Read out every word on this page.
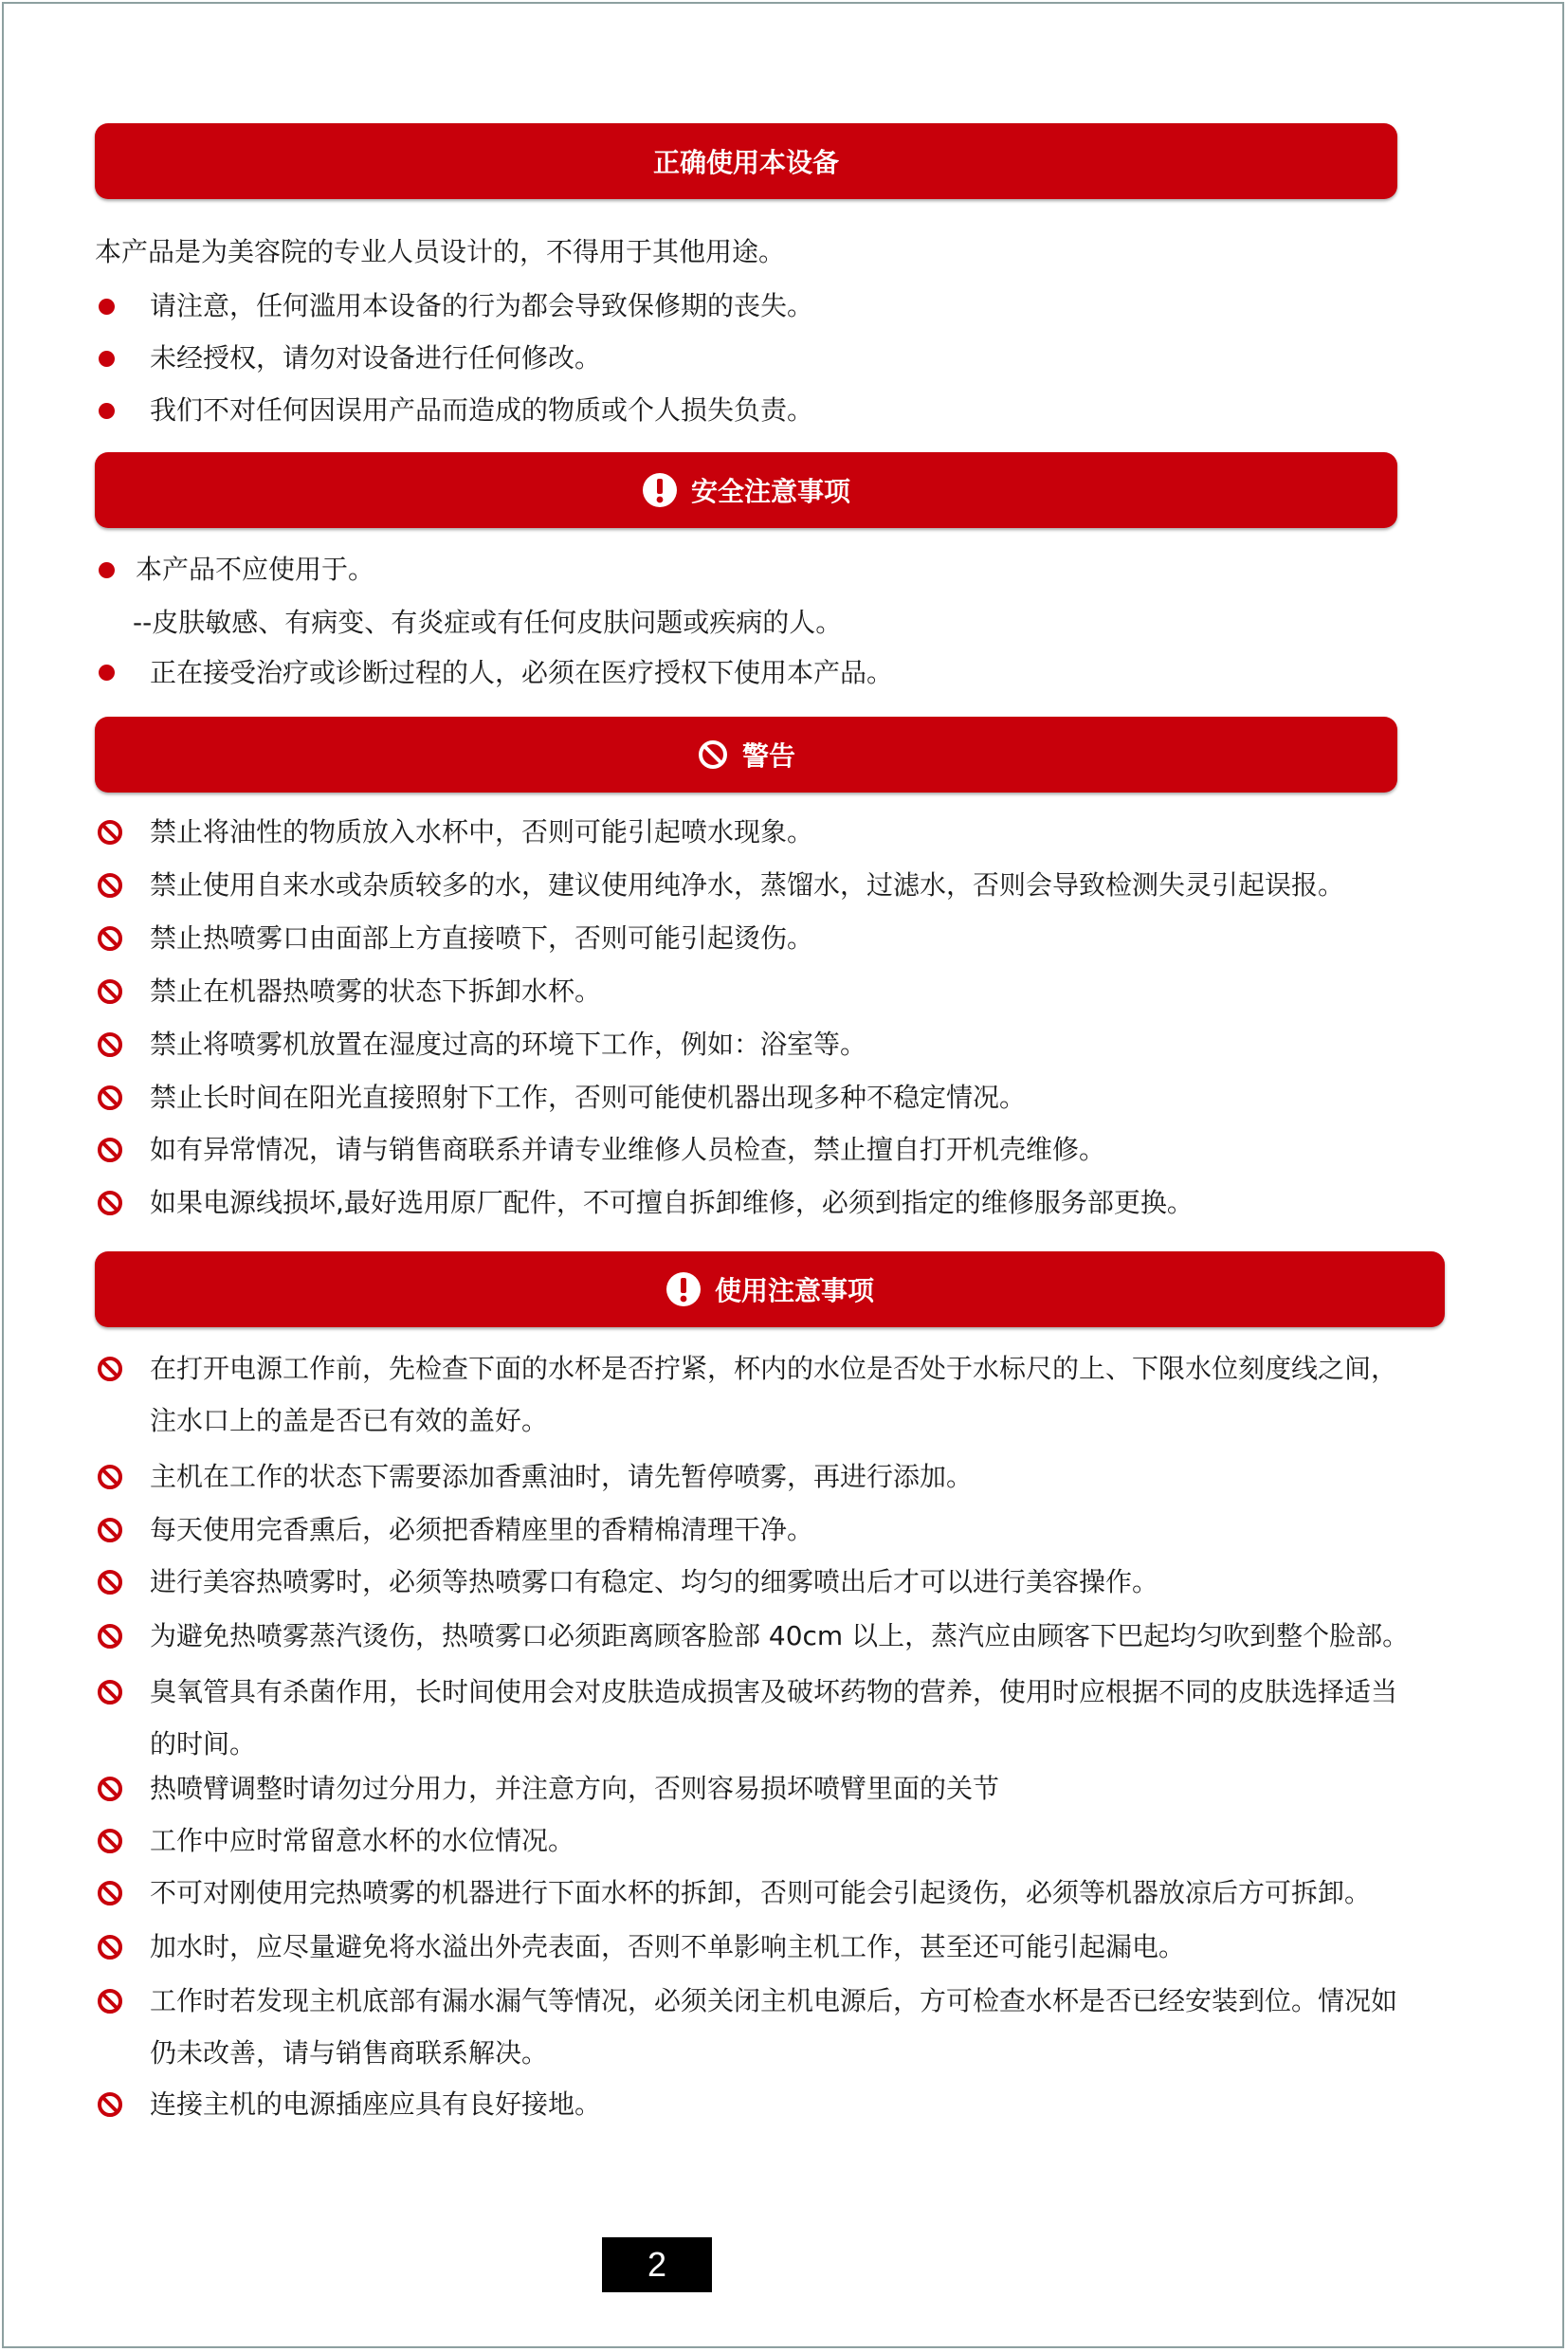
正确使用本设备
本产品是为美容院的专业人员设计的，不得用于其他用途。
请注意，任何滥用本设备的行为都会导致保修期的丧失。
未经授权，请勿对设备进行任何修改。
我们不对任何因误用产品而造成的物质或个人损失负责。
安全注意事项
本产品不应使用于。
--皮肤敏感、有病变、有炎症或有任何皮肤问题或疾病的人。
正在接受治疗或诊断过程的人，必须在医疗授权下使用本产品。
警告
禁止将油性的物质放入水杯中，否则可能引起喷水现象。
禁止使用自来水或杂质较多的水，建议使用纯净水，蒸馏水，过滤水，否则会导致检测失灵引起误报。
禁止热喷雾口由面部上方直接喷下，否则可能引起烫伤。
禁止在机器热喷雾的状态下拆卸水杯。
禁止将喷雾机放置在湿度过高的环境下工作，例如：浴室等。
禁止长时间在阳光直接照射下工作，否则可能使机器出现多种不稳定情况。
如有异常情况，请与销售商联系并请专业维修人员检查，禁止擅自打开机壳维修。
如果电源线损坏,最好选用原厂配件，不可擅自拆卸维修，必须到指定的维修服务部更换。
使用注意事项
在打开电源工作前，先检查下面的水杯是否拧紧，杯内的水位是否处于水标尺的上、下限水位刻度线之间，
注水口上的盖是否已有效的盖好。
主机在工作的状态下需要添加香熏油时，请先暂停喷雾，再进行添加。
每天使用完香熏后，必须把香精座里的香精棉清理干净。
进行美容热喷雾时，必须等热喷雾口有稳定、均匀的细雾喷出后才可以进行美容操作。
为避免热喷雾蒸汽烫伤，热喷雾口必须距离顾客脸部 40cm 以上，蒸汽应由顾客下巴起均匀吹到整个脸部。
臭氧管具有杀菌作用，长时间使用会对皮肤造成损害及破坏药物的营养，使用时应根据不同的皮肤选择适当
的时间。
热喷臂调整时请勿过分用力，并注意方向，否则容易损坏喷臂里面的关节
工作中应时常留意水杯的水位情况。
不可对刚使用完热喷雾的机器进行下面水杯的拆卸，否则可能会引起烫伤，必须等机器放凉后方可拆卸。
加水时，应尽量避免将水溢出外壳表面，否则不单影响主机工作，甚至还可能引起漏电。
工作时若发现主机底部有漏水漏气等情况，必须关闭主机电源后，方可检查水杯是否已经安装到位。情况如
仍未改善，请与销售商联系解决。
连接主机的电源插座应具有良好接地。
2
